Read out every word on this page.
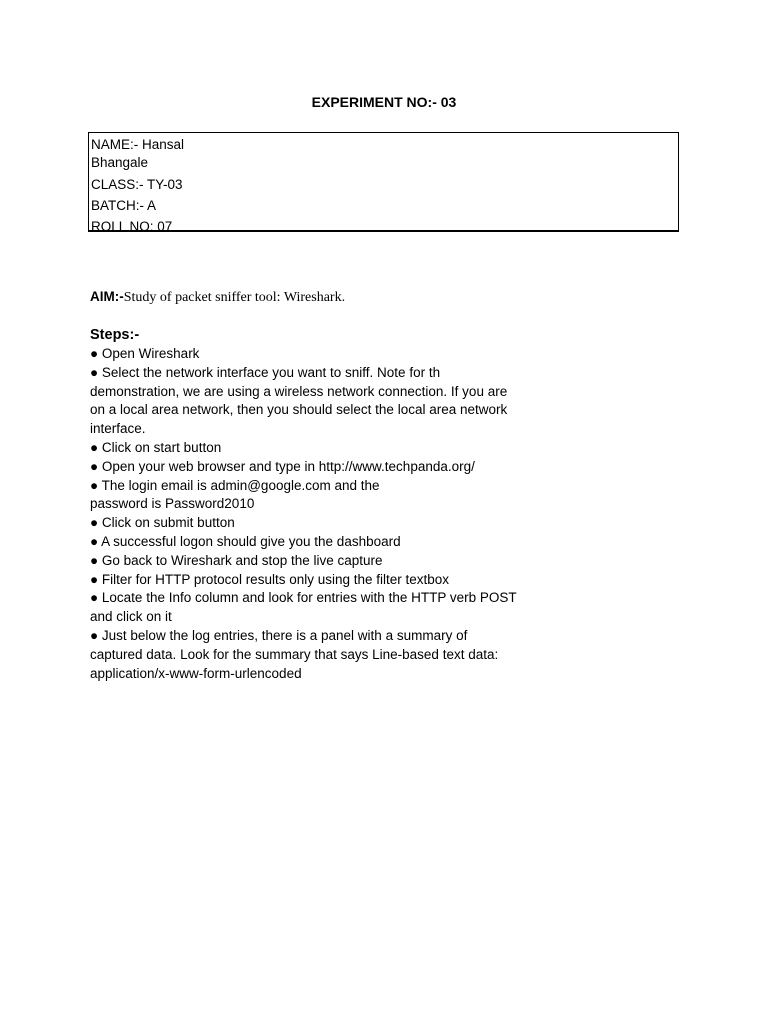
EXPERIMENT NO:- 03
NAME:- Hansal
Bhangale
CLASS:- TY-03
BATCH:- A
ROLL NO: 07
AIM:-Study of packet sniffer tool: Wireshark.
Steps:-
● Open Wireshark
● Select the network interface you want to sniff. Note for th
demonstration, we are using a wireless network connection. If you are
on a local area network, then you should select the local area network
interface.
● Click on start button
● Open your web browser and type in http://www.techpanda.org/
● The login email is admin@google.com and the
password is Password2010
● Click on submit button
● A successful logon should give you the dashboard
● Go back to Wireshark and stop the live capture
● Filter for HTTP protocol results only using the filter textbox
● Locate the Info column and look for entries with the HTTP verb POST
and click on it
● Just below the log entries, there is a panel with a summary of
captured data. Look for the summary that says Line-based text data:
application/x-www-form-urlencoded
